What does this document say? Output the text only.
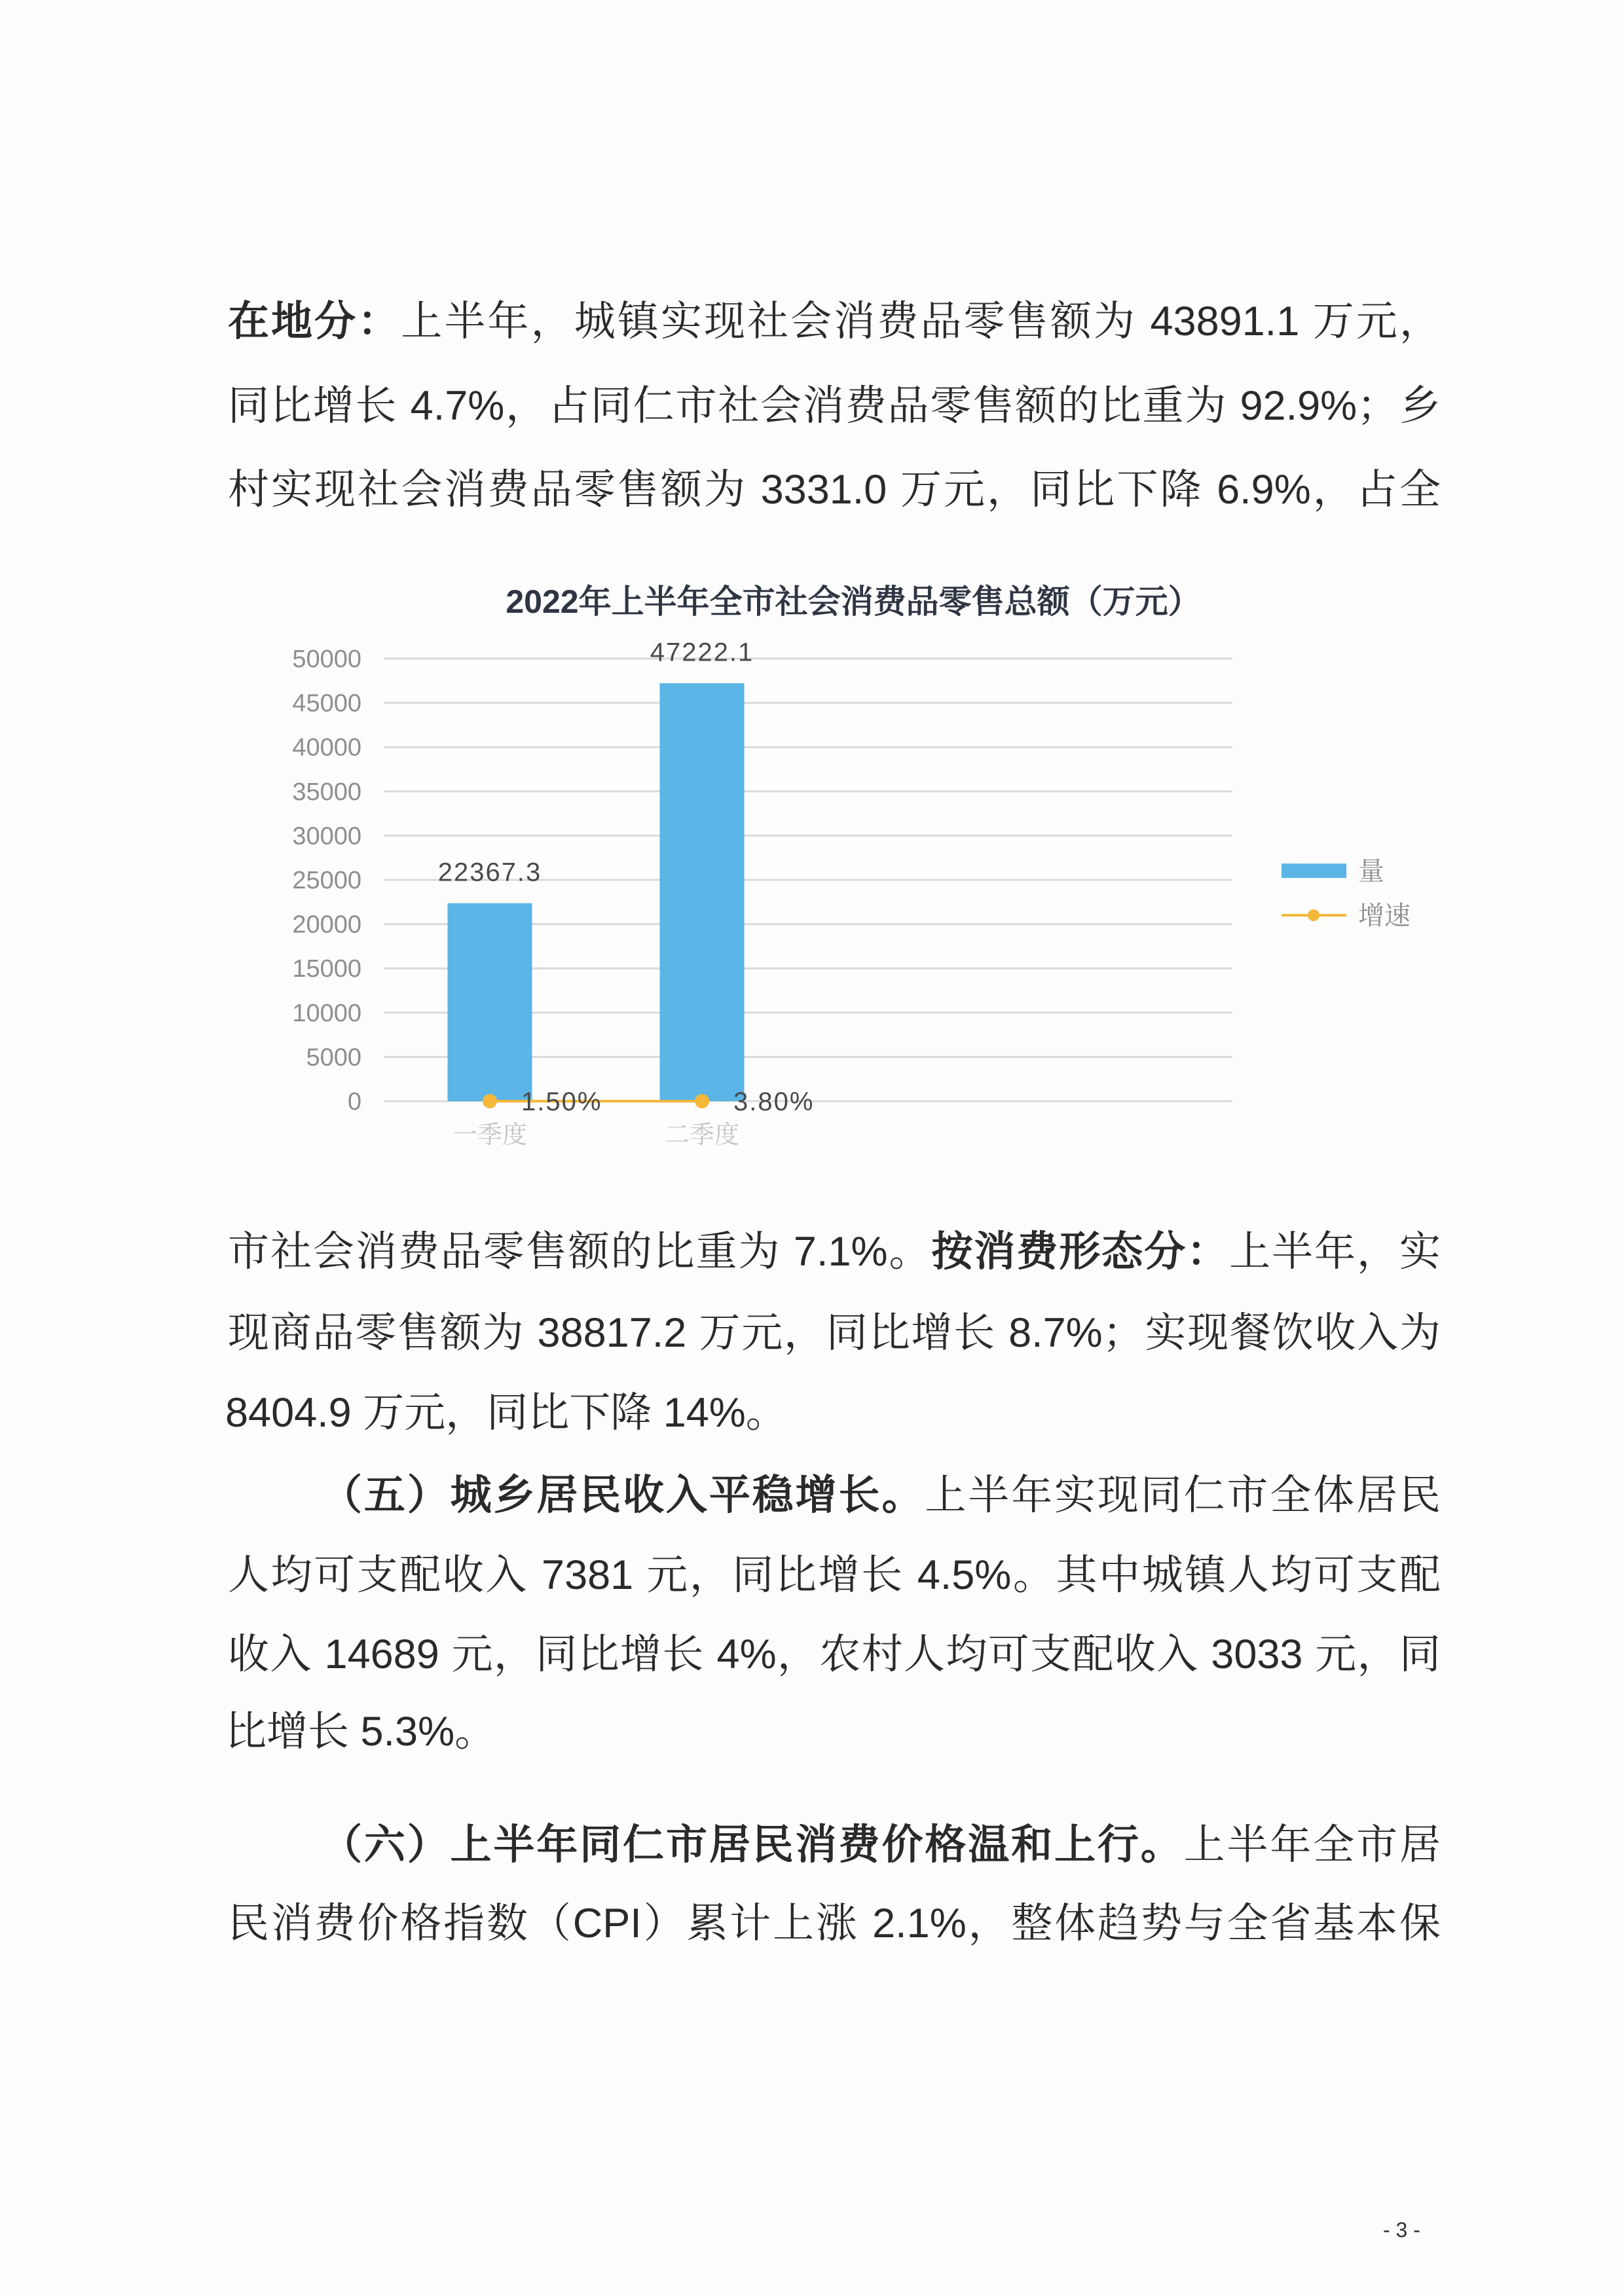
在地分：上半年，城镇实现社会消费品零售额为 43891.1 万元，
同比增长 4.7%，占同仁市社会消费品零售额的比重为 92.9%；乡
村实现社会消费品零售额为 3331.0 万元，同比下降 6.9%，占全
2022年上半年全市社会消费品零售总额（万元）
0
5000
10000
15000
20000
25000
30000
35000
40000
45000
50000
22367.3
47222.1
1.50%	3.80%
一季度	二季度
量
增速
市社会消费品零售额的比重为 7.1%。按消费形态分：上半年，实
现商品零售额为 38817.2 万元，同比增长 8.7%；实现餐饮收入为
8404.9 万元，同比下降 14%。
（五）城乡居民收入平稳增长。上半年实现同仁市全体居民
人均可支配收入 7381 元，同比增长 4.5%。其中城镇人均可支配
收入 14689 元，同比增长 4%，农村人均可支配收入 3033 元，同
比增长 5.3%。
（六）上半年同仁市居民消费价格温和上行。上半年全市居
民消费价格指数（CPI）累计上涨 2.1%，整体趋势与全省基本保
- 3 -
